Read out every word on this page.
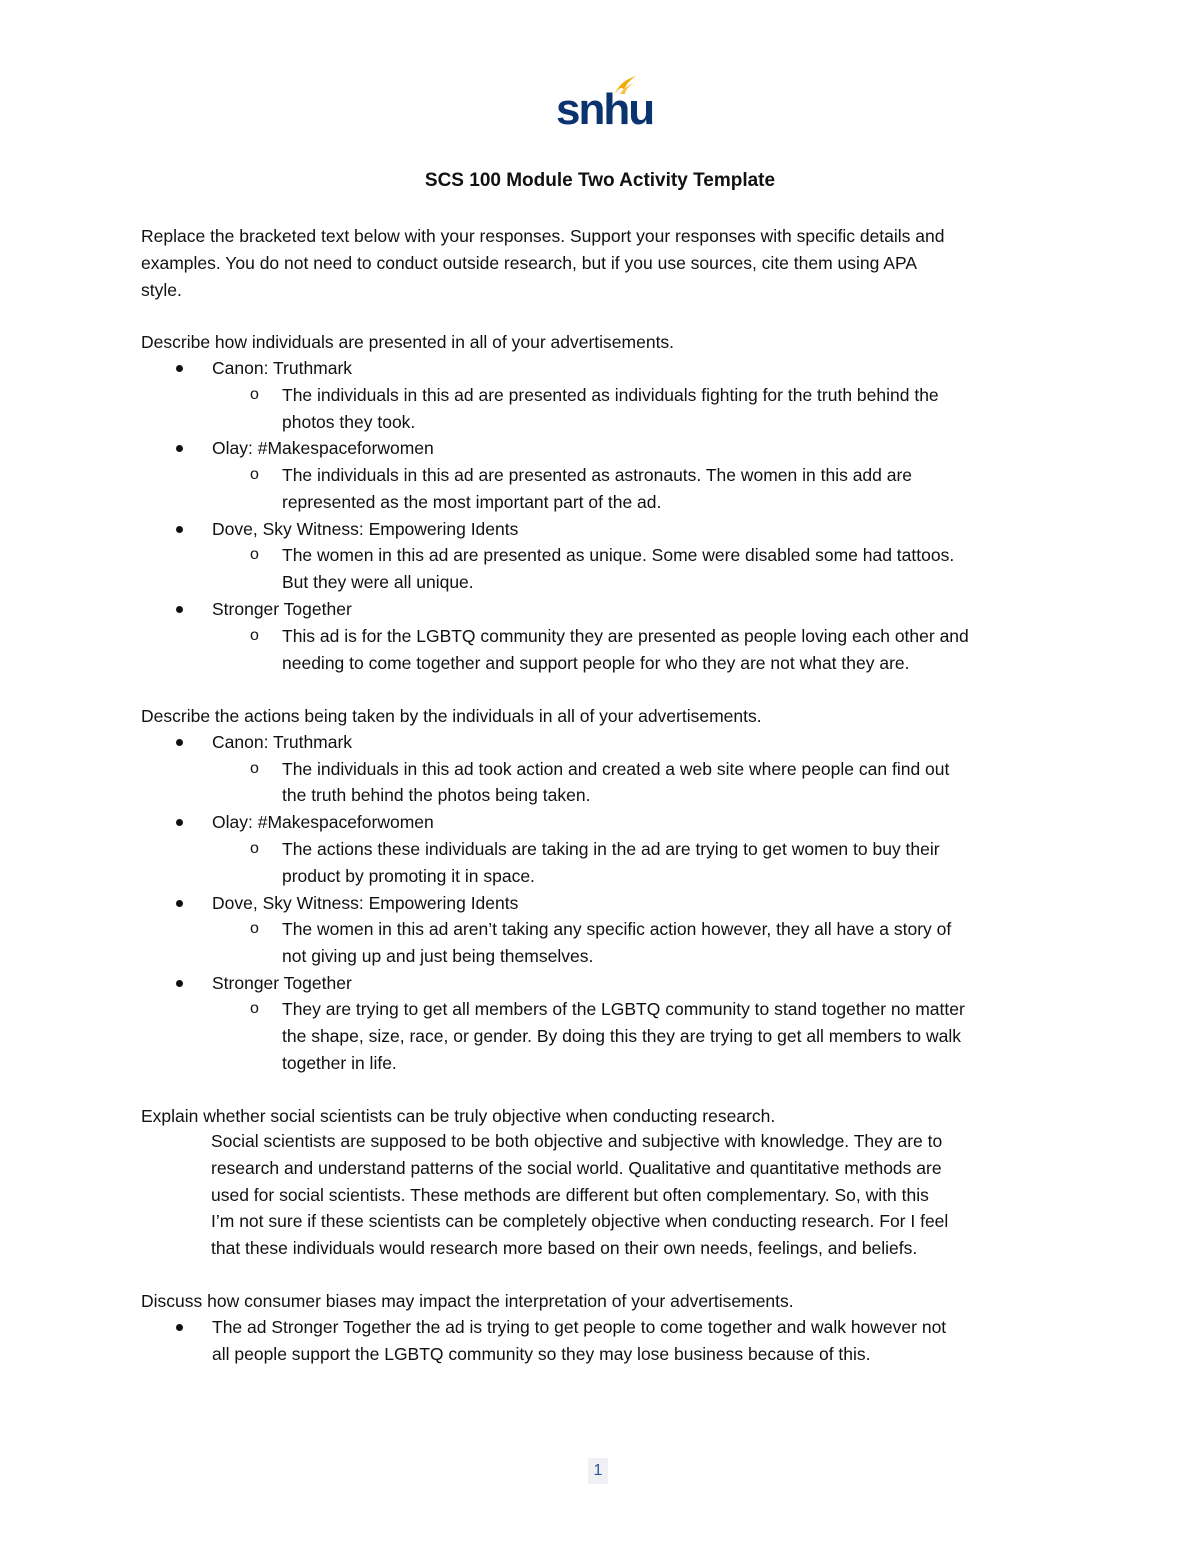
snhu
SCS 100 Module Two Activity Template
Replace the bracketed text below with your responses. Support your responses with specific details and
examples. You do not need to conduct outside research, but if you use sources, cite them using APA
style.
Describe how individuals are presented in all of your advertisements.
Canon: Truthmark
o The individuals in this ad are presented as individuals fighting for the truth behind the
photos they took.
Olay: #Makespaceforwomen
o The individuals in this ad are presented as astronauts. The women in this add are
represented as the most important part of the ad.
Dove, Sky Witness: Empowering Idents
o The women in this ad are presented as unique. Some were disabled some had tattoos.
But they were all unique.
Stronger Together
o This ad is for the LGBTQ community they are presented as people loving each other and
needing to come together and support people for who they are not what they are.
Describe the actions being taken by the individuals in all of your advertisements.
Canon: Truthmark
o The individuals in this ad took action and created a web site where people can find out
the truth behind the photos being taken.
Olay: #Makespaceforwomen
o The actions these individuals are taking in the ad are trying to get women to buy their
product by promoting it in space.
Dove, Sky Witness: Empowering Idents
o The women in this ad aren’t taking any specific action however, they all have a story of
not giving up and just being themselves.
Stronger Together
o They are trying to get all members of the LGBTQ community to stand together no matter
the shape, size, race, or gender. By doing this they are trying to get all members to walk
together in life.
Explain whether social scientists can be truly objective when conducting research.
Social scientists are supposed to be both objective and subjective with knowledge. They are to
research and understand patterns of the social world. Qualitative and quantitative methods are
used for social scientists. These methods are different but often complementary. So, with this
I’m not sure if these scientists can be completely objective when conducting research. For I feel
that these individuals would research more based on their own needs, feelings, and beliefs.
Discuss how consumer biases may impact the interpretation of your advertisements.
The ad Stronger Together the ad is trying to get people to come together and walk however not
all people support the LGBTQ community so they may lose business because of this.
1
